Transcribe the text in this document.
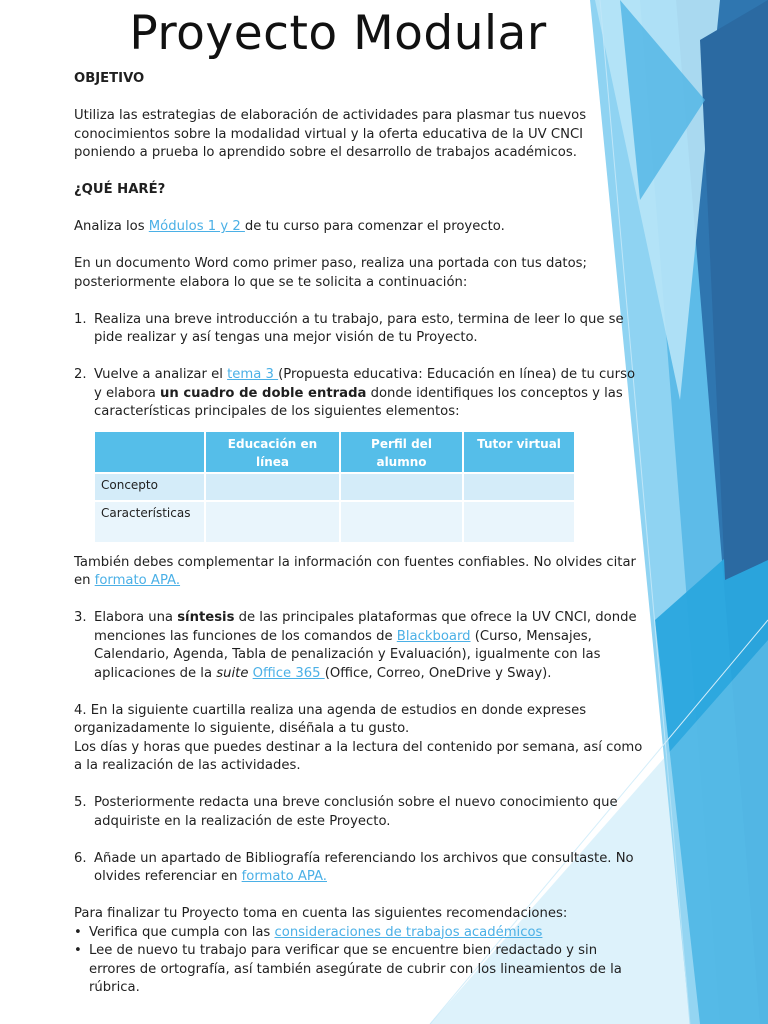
Proyecto Modular

OBJETIVO

Utiliza las estrategias de elaboración de actividades para plasmar tus nuevos conocimientos sobre la modalidad virtual y la oferta educativa de la UV CNCI poniendo a prueba lo aprendido sobre el desarrollo de trabajos académicos.

¿QUÉ HARÉ?

Analiza los Módulos 1 y 2 de tu curso para comenzar el proyecto.

En un documento Word como primer paso, realiza una portada con tus datos; posteriormente elabora lo que se te solicita a continuación:

1. Realiza una breve introducción a tu trabajo, para esto, termina de leer lo que se pide realizar y así tengas una mejor visión de tu Proyecto.
2. Vuelve a analizar el tema 3 (Propuesta educativa: Educación en línea) de tu curso y elabora un cuadro de doble entrada donde identifiques los conceptos y las características principales de los siguientes elementos:
	Educación en línea	Perfil del alumno	Tutor virtual
Concepto			
Características			

También debes complementar la información con fuentes confiables. No olvides citar en formato APA.

3. Elabora una síntesis de las principales plataformas que ofrece la UV CNCI, donde menciones las funciones de los comandos de Blackboard (Curso, Mensajes, Calendario, Agenda, Tabla de penalización y Evaluación), igualmente con las aplicaciones de la suite Office 365 (Office, Correo, OneDrive y Sway).

4. En la siguiente cuartilla realiza una agenda de estudios en donde expreses organizadamente lo siguiente, diséñala a tu gusto.

Los días y horas que puedes destinar a la lectura del contenido por semana, así como a la realización de las actividades.

5. Posteriormente redacta una breve conclusión sobre el nuevo conocimiento que adquiriste en la realización de este Proyecto.
6. Añade un apartado de Bibliografía referenciando los archivos que consultaste. No olvides referenciar en formato APA.

Para finalizar tu Proyecto toma en cuenta las siguientes recomendaciones:

• Verifica que cumpla con las consideraciones de trabajos académicos
• Lee de nuevo tu trabajo para verificar que se encuentre bien redactado y sin errores de ortografía, así también asegúrate de cubrir con los lineamientos de la rúbrica.
